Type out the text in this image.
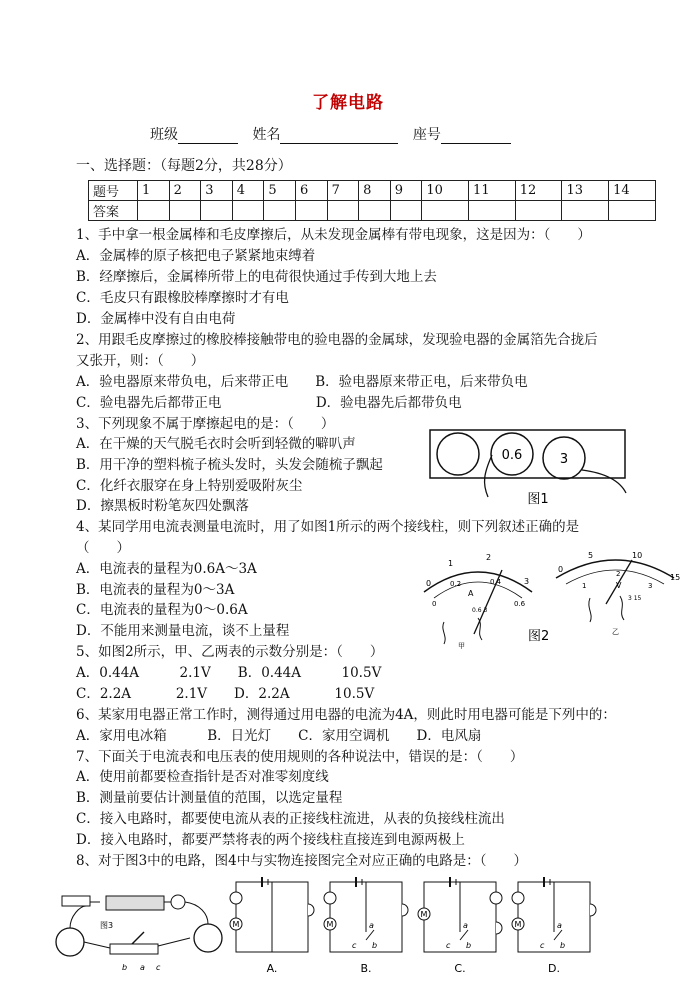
了解电路
班级	姓名	座号
一、选择题：（每题2分，共28分）
题号	1	2	3	4	5	6	7	8	9	10	11	12	13	14
答案														
1、手中拿一根金属棒和毛皮摩擦后，从未发现金属棒有带电现象，这是因为：（　　）
A．金属棒的原子核把电子紧紧地束缚着
B．经摩擦后，金属棒所带上的电荷很快通过手传到大地上去
C．毛皮只有跟橡胶棒摩擦时才有电
D．金属棒中没有自由电荷
2、用跟毛皮摩擦过的橡胶棒接触带电的验电器的金属球，发现验电器的金属箔先合拢后
又张开，则：（　　）
A．验电器原来带负电，后来带正电　　B．验电器原来带正电，后来带负电
C．验电器先后都带正电　　　　　　　D．验电器先后都带负电
3、下列现象不属于摩擦起电的是：（　　）
A．在干燥的天气脱毛衣时会听到轻微的噼叭声
B．用干净的塑料梳子梳头发时，头发会随梳子飘起
C．化纤衣服穿在身上特别爱吸附灰尘
D．擦黑板时粉笔灰四处飘落
4、某同学用电流表测量电流时，用了如图1所示的两个接线柱，则下列叙述正确的是
（　　）
A．电流表的量程为0.6A～3A
B．电流表的量程为0～3A
C．电流表的量程为0～0.6A
D．不能用来测量电流，谈不上量程
5、如图2所示，甲、乙两表的示数分别是：（　　）
A．0.44A　　　2.1V　　B．0.44A　　　10.5V
C．2.2A　　　 2.1V　　D．2.2A　　　 10.5V
6、某家用电器正常工作时，测得通过用电器的电流为4A，则此时用电器可能是下列中的：
A．家用电冰箱　　　B．日光灯　　C．家用空调机　　D．电风扇
7、下面关于电流表和电压表的使用规则的各种说法中，错误的是：（　　）
A．使用前都要检查指针是否对准零刻度线
B．测量前要估计测量值的范围，以选定量程
C．接入电路时，都要使电流从表的正接线柱流进，从表的负接线柱流出
D．接入电路时，都要严禁将表的两个接线柱直接连到电源两极上
8、对于图3中的电路，图4中与实物连接图完全对应正确的电路是：（　　）
0.6	3
图1
0
1
2
3
0
0.2	0.4
0.6
A
0.6 3
甲
图2
0
5	10
15
1
2
3
V
3 15
乙
图3
b a c
M
A.
M	a
c b
B.
M
a
c b
C.
M	a
c b
D.
